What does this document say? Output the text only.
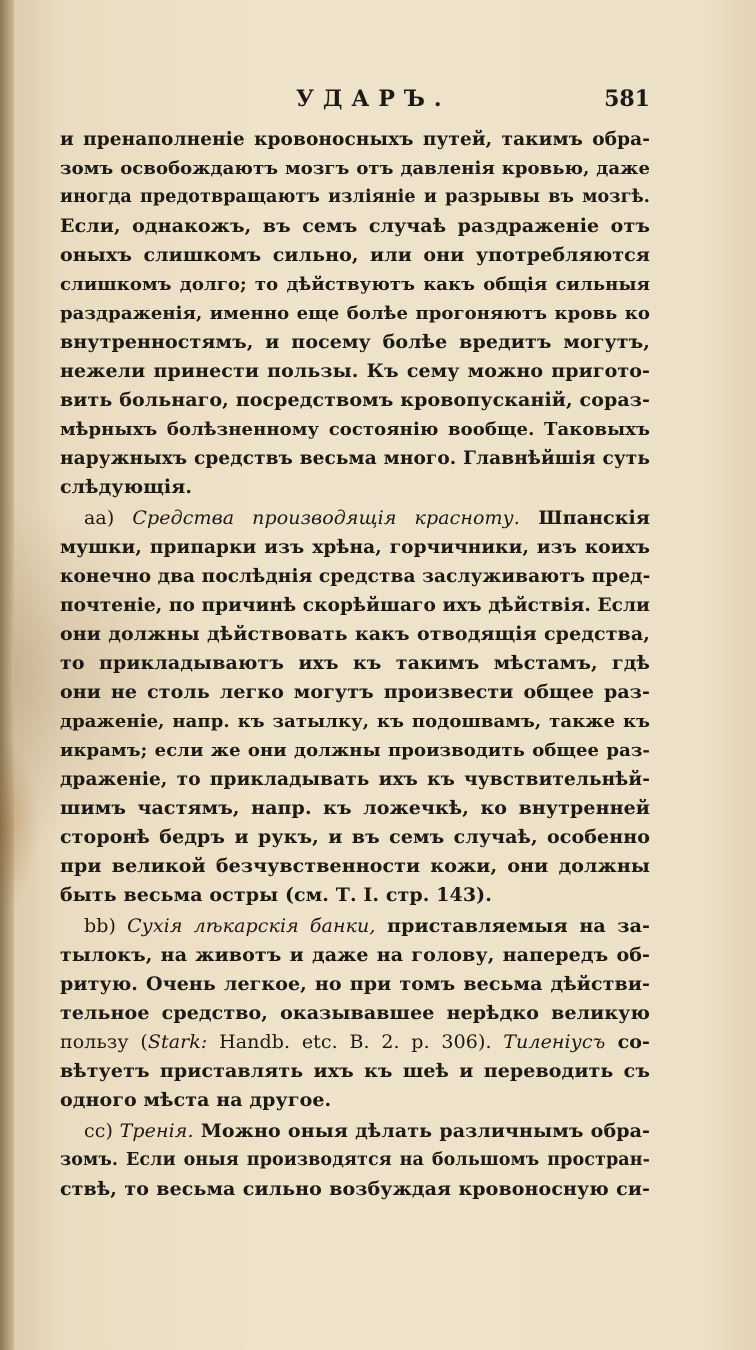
УДАРЪ.	581
и пренаполненіе кровоносныхъ путей, такимъ обра-
зомъ освобождаютъ мозгъ отъ давленія кровью, даже
иногда предотвращаютъ изліяніе и разрывы въ мозгѣ.
Если, однакожъ, въ семъ случаѣ раздраженіе отъ
оныхъ слишкомъ сильно, или они употребляются
слишкомъ долго; то дѣйствуютъ какъ общія сильныя
раздраженія, именно еще болѣе прогоняютъ кровь ко
внутренностямъ, и посему болѣе вредитъ могутъ,
нежели принести пользы. Къ сему можно пригото-
вить больнаго, посредствомъ кровопусканій, сораз-
мѣрныхъ болѣзненному состоянію вообще. Таковыхъ
наружныхъ средствъ весьма много. Главнѣйшія суть
слѣдующія.
аа) Средства производящія красноту. Шпанскія
мушки, припарки изъ хрѣна, горчичники, изъ коихъ
конечно два послѣднія средства заслуживаютъ пред-
почтеніе, по причинѣ скорѣйшаго ихъ дѣйствія. Если
они должны дѣйствовать какъ отводящія средства,
то прикладываютъ ихъ къ такимъ мѣстамъ, гдѣ
они не столь легко могутъ произвести общее раз-
драженіе, напр. къ затылку, къ подошвамъ, также къ
икрамъ; если же они должны производить общее раз-
драженіе, то прикладывать ихъ къ чувствительнѣй-
шимъ частямъ, напр. къ ложечкѣ, ко внутренней
сторонѣ бедръ и рукъ, и въ семъ случаѣ, особенно
при великой безчувственности кожи, они должны
быть весьма остры (см. Т. І. стр. 143).
bb) Сухія лѣкарскія банки, приставляемыя на за-
тылокъ, на животъ и даже на голову, напередъ об-
ритую. Очень легкое, но при томъ весьма дѣйстви-
тельное средство, оказывавшее нерѣдко великую
пользу (Stark: Handb. etc. B. 2. p. 306). Тиленіусъ со-
вѣтуетъ приставлять ихъ къ шеѣ и переводить съ
одного мѣста на другое.
cc) Тренія. Можно оныя дѣлать различнымъ обра-
зомъ. Если оныя производятся на большомъ простран-
ствѣ, то весьма сильно возбуждая кровоносную си-
